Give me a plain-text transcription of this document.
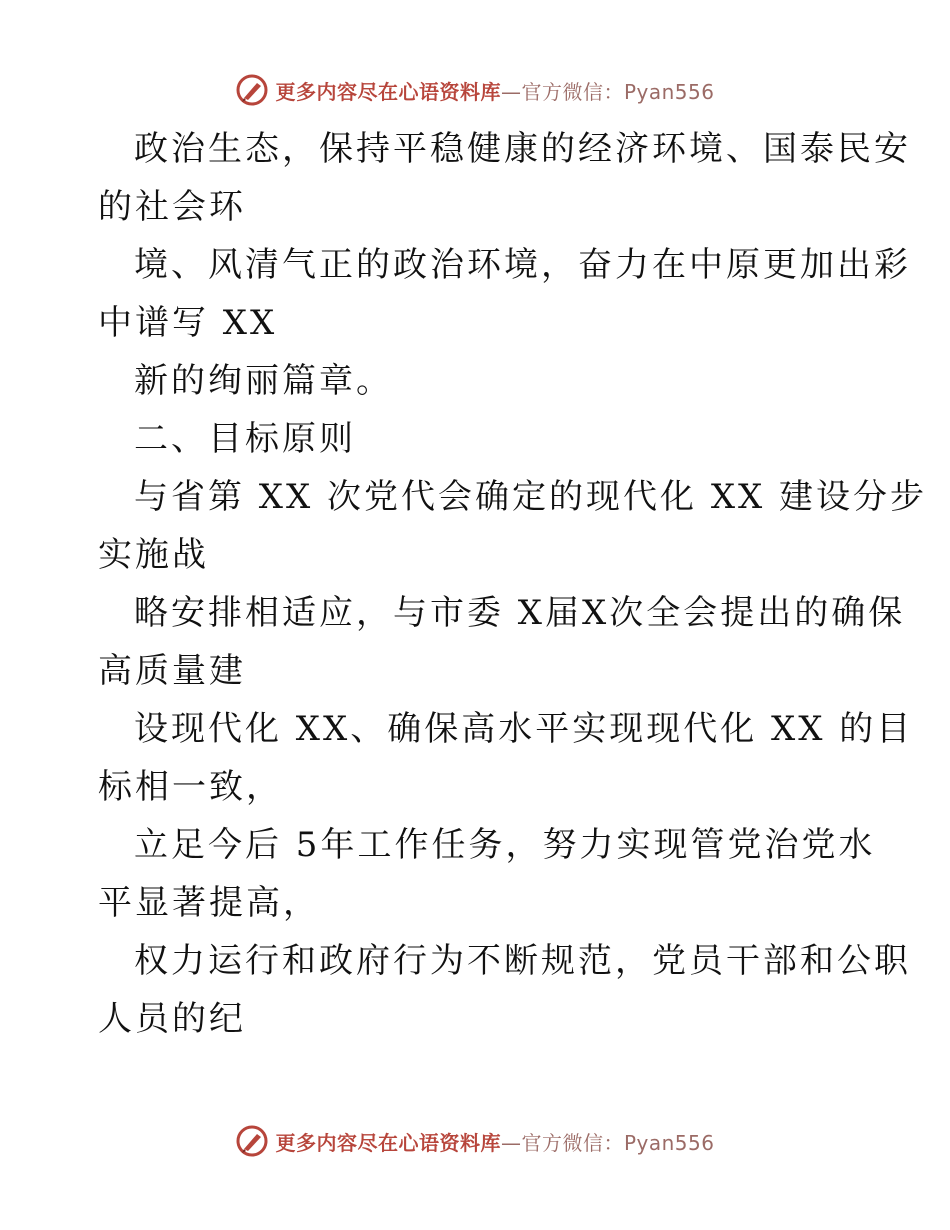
更多内容尽在心语资料库—官方微信：Pyan556
政治生态，保持平稳健康的经济环境、国泰民安
的社会环
境、风清气正的政治环境，奋力在中原更加出彩
中谱写 XX
新的绚丽篇章。
二、目标原则
与省第 XX 次党代会确定的现代化 XX 建设分步
实施战
略安排相适应，与市委 X届X次全会提出的确保
高质量建
设现代化 XX、确保高水平实现现代化 XX 的目
标相一致，
立足今后 5年工作任务，努力实现管党治党水
平显著提高，
权力运行和政府行为不断规范，党员干部和公职
人员的纪
更多内容尽在心语资料库—官方微信：Pyan556
